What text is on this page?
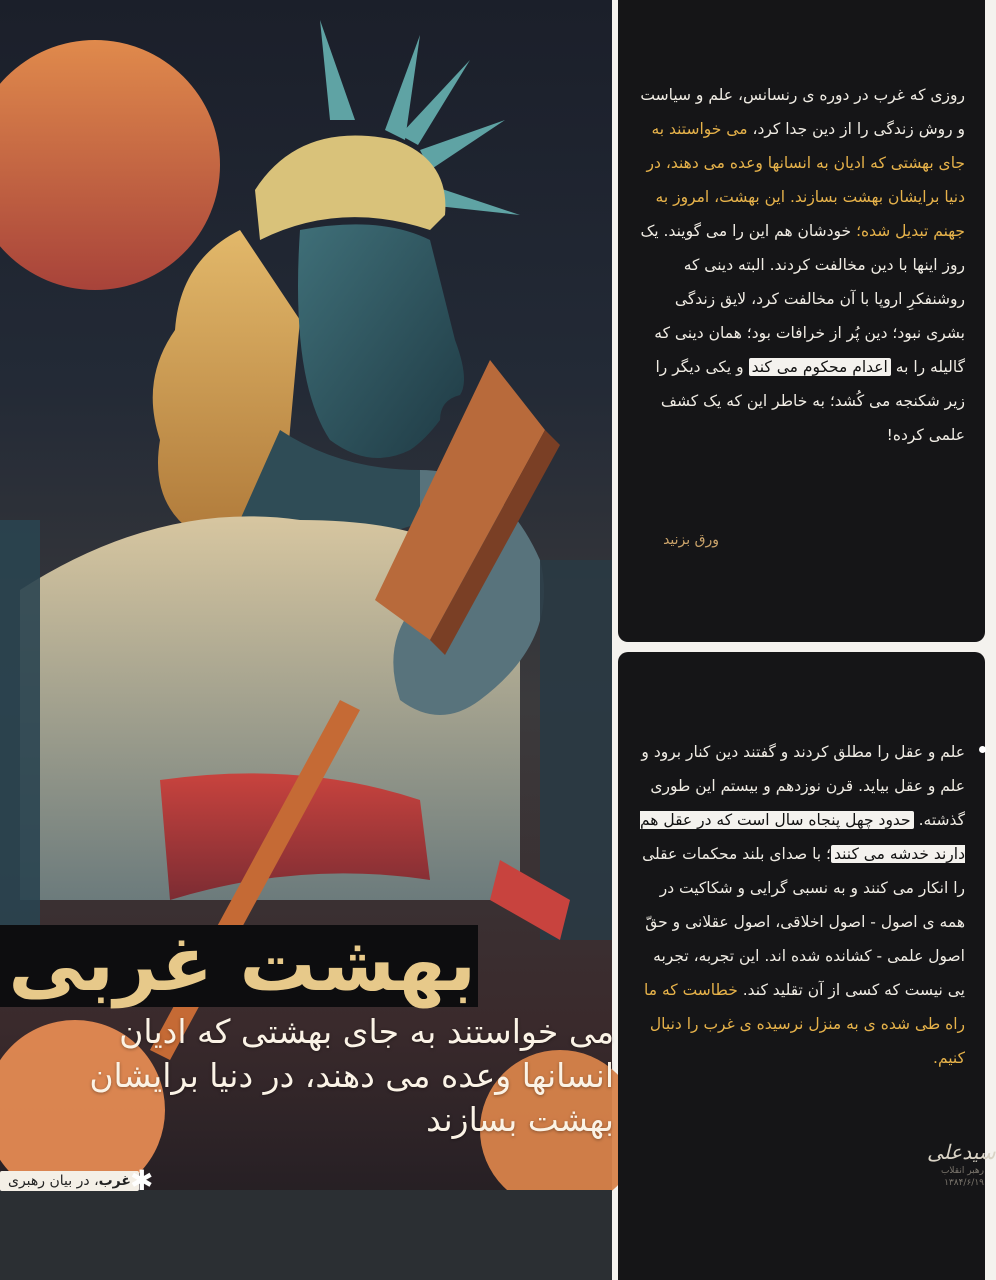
بهشت غربی
می خواستند به جای بهشتی که ادیان
انسانها وعده می دهند، در دنیا برایشان
بهشت بسازند
غرب، در بیان رهبری	✱
روزی که غرب در دوره ی رنسانس، علم و سیاست و روش زندگی را از دین جدا کرد، می خواستند به جای بهشتی که ادیان به انسانها وعده می دهند، در دنیا برایشان بهشت بسازند. این بهشت، امروز به جهنم تبدیل شده؛ خودشان هم این را می گویند. یک روز اینها با دین مخالفت کردند. البته دینی که روشنفکرِ اروپا با آن مخالفت کرد، لایق زندگی بشری نبود؛ دین پُر از خرافات بود؛ همان دینی که گالیله را به اعدام محکوم می کند و یکی دیگر را زیر شکنجه می کُشد؛ به خاطر این که یک کشف علمی کرده!
ورق بزنید
علم و عقل را مطلق کردند و گفتند دین کنار برود و علم و عقل بیاید. قرن نوزدهم و بیستم این طوری گذشته. حدود چهل پنجاه سال است که در عقل هم دارند خدشه می کنند؛ با صدای بلند محکمات عقلی را انکار می کنند و به نسبی گرایی و شکاکیت در همه ی اصول - اصول اخلاقی، اصول عقلانی و حقّ اصول علمی - کشانده شده اند. این تجربه، تجربه یی نیست که کسی از آن تقلید کند. خطاست که ما راه طی شده ی به منزل نرسیده ی غرب را دنبال کنیم.
سیدعلی
رهبر انقلاب ۱۳۸۴/۶/۱۹
